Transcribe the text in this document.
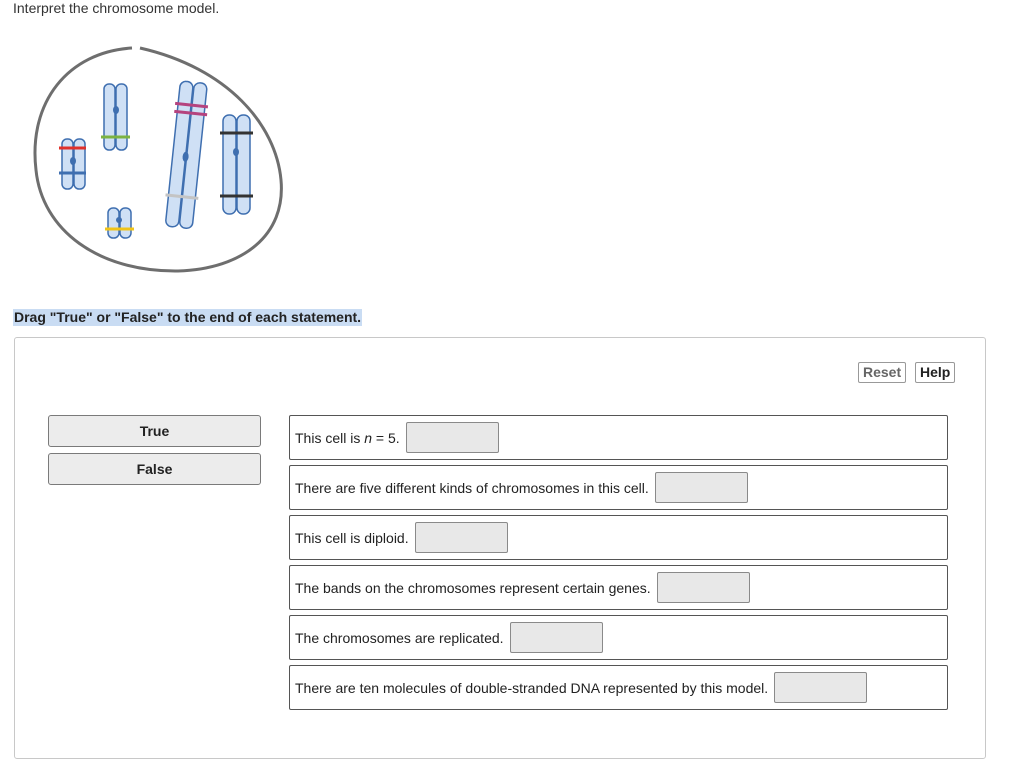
Interpret the chromosome model.
Drag "True" or "False" to the end of each statement.
Reset	Help
True
False
This cell is n = 5.
There are five different kinds of chromosomes in this cell.
This cell is diploid.
The bands on the chromosomes represent certain genes.
The chromosomes are replicated.
There are ten molecules of double-stranded DNA represented by this model.
